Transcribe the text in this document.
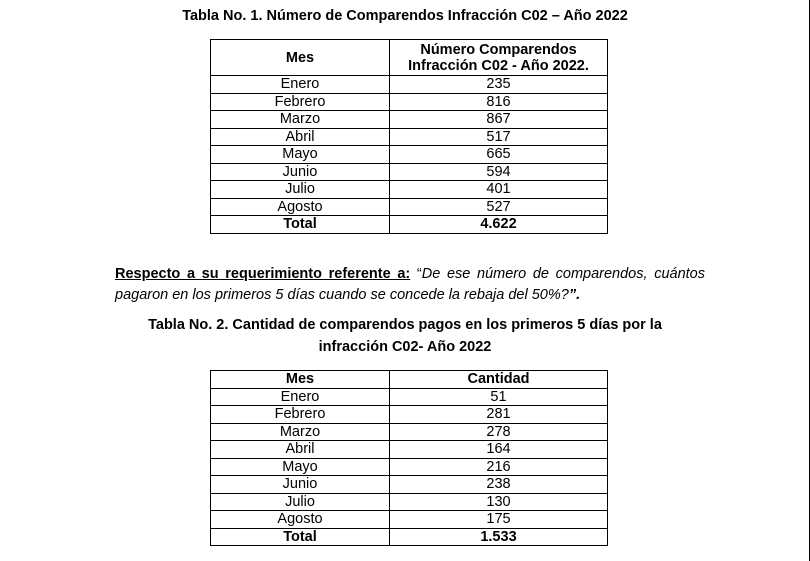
Tabla No. 1. Número de Comparendos Infracción C02 – Año 2022
Mes	Número Comparendos Infracción C02 - Año 2022.
Enero	235
Febrero	816
Marzo	867
Abril	517
Mayo	665
Junio	594
Julio	401
Agosto	527
Total	4.622
Respecto a su requerimiento referente a: “De ese número de comparendos, cuántos pagaron en los primeros 5 días cuando se concede la rebaja del 50%?”.
Tabla No. 2. Cantidad de comparendos pagos en los primeros 5 días por la
infracción C02- Año 2022
Mes	Cantidad
Enero	51
Febrero	281
Marzo	278
Abril	164
Mayo	216
Junio	238
Julio	130
Agosto	175
Total	1.533
